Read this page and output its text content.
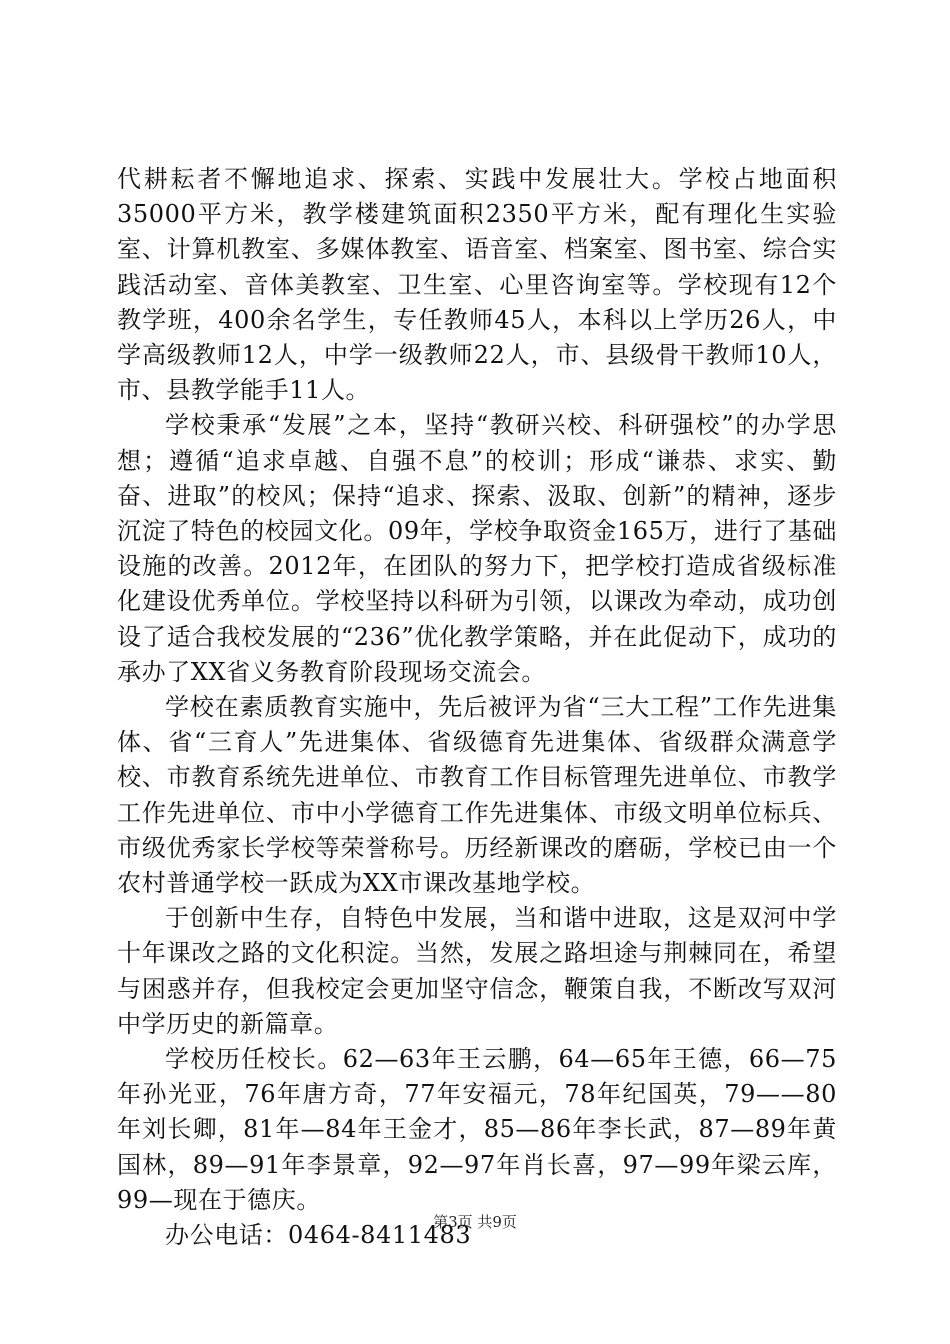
代耕耘者不懈地追求、探索、实践中发展壮大。学校占地面积35000平方米，教学楼建筑面积2350平方米，配有理化生实验室、计算机教室、多媒体教室、语音室、档案室、图书室、综合实践活动室、音体美教室、卫生室、心里咨询室等。学校现有12个教学班，400余名学生，专任教师45人，本科以上学历26人，中学高级教师12人，中学一级教师22人，市、县级骨干教师10人，市、县教学能手11人。

学校秉承“发展”之本，坚持“教研兴校、科研强校”的办学思想；遵循“追求卓越、自强不息”的校训；形成“谦恭、求实、勤奋、进取”的校风；保持“追求、探索、汲取、创新”的精神，逐步沉淀了特色的校园文化。09年，学校争取资金165万，进行了基础设施的改善。2012年，在团队的努力下，把学校打造成省级标准化建设优秀单位。学校坚持以科研为引领，以课改为牵动，成功创设了适合我校发展的“236”优化教学策略，并在此促动下，成功的承办了XX省义务教育阶段现场交流会。

学校在素质教育实施中，先后被评为省“三大工程”工作先进集体、省“三育人”先进集体、省级德育先进集体、省级群众满意学校、市教育系统先进单位、市教育工作目标管理先进单位、市教学工作先进单位、市中小学德育工作先进集体、市级文明单位标兵、市级优秀家长学校等荣誉称号。历经新课改的磨砺，学校已由一个农村普通学校一跃成为XX市课改基地学校。

于创新中生存，自特色中发展，当和谐中进取，这是双河中学十年课改之路的文化积淀。当然，发展之路坦途与荆棘同在，希望与困惑并存，但我校定会更加坚守信念，鞭策自我，不断改写双河中学历史的新篇章。

学校历任校长。62—63年王云鹏，64—65年王德，66—75年孙光亚，76年唐方奇，77年安福元，78年纪国英，79——80年刘长卿，81年—84年王金才，85—86年李长武，87—89年黄国林，89—91年李景章，92—97年肖长喜，97—99年梁云库，99—现在于德庆。

办公电话：0464-8411483

第3页 共9页
